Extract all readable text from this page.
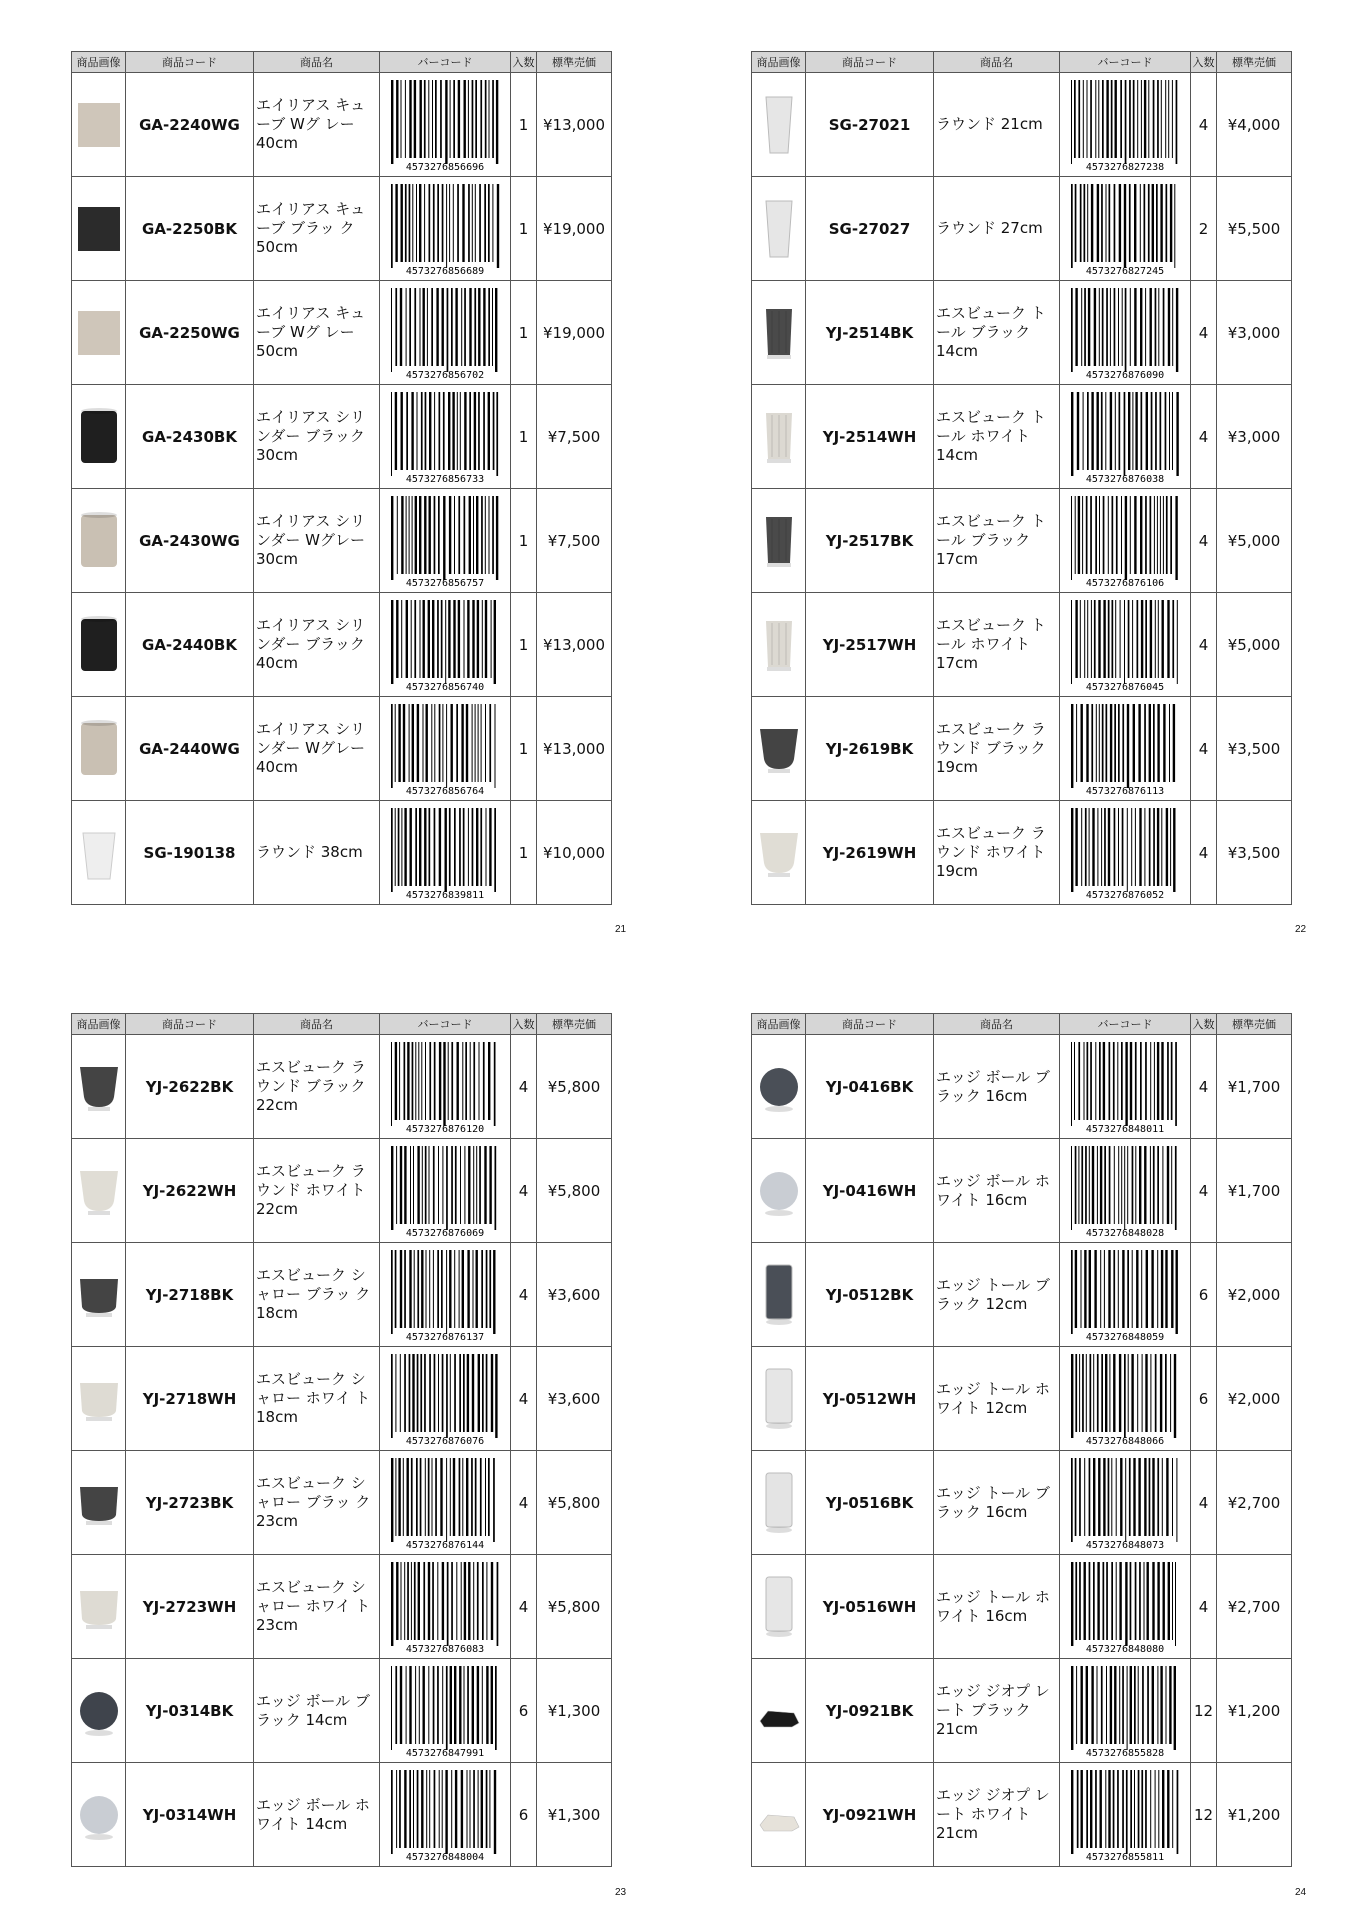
商品画像	商品コード	商品名	バーコード	入数	標準売価

	GA-2240WG	エイリアス キューブ Wグ レー 40cm	4573276856696	1	¥13,000

	GA-2250BK	エイリアス キューブ ブラッ ク 50cm	4573276856689	1	¥19,000

	GA-2250WG	エイリアス キューブ Wグ レー 50cm	4573276856702	1	¥19,000

	GA-2430BK	エイリアス シリ ンダー ブラック 30cm	4573276856733	1	¥7,500

	GA-2430WG	エイリアス シリ ンダー Wグレー 30cm	4573276856757	1	¥7,500

	GA-2440BK	エイリアス シリ ンダー ブラック 40cm	4573276856740	1	¥13,000

	GA-2440WG	エイリアス シリ ンダー Wグレー 40cm	4573276856764	1	¥13,000

	SG-190138	ラウンド 38cm	4573276839811	1	¥10,000
21
商品画像	商品コード	商品名	バーコード	入数	標準売価

	SG-27021	ラウンド 21cm	4573276827238	4	¥4,000

	SG-27027	ラウンド 27cm	4573276827245	2	¥5,500

	YJ-2514BK	エスビューク トール ブラック 14cm	4573276876090	4	¥3,000

	YJ-2514WH	エスビューク トール ホワイト 14cm	4573276876038	4	¥3,000

	YJ-2517BK	エスビューク トール ブラック 17cm	4573276876106	4	¥5,000

	YJ-2517WH	エスビューク トール ホワイト 17cm	4573276876045	4	¥5,000

	YJ-2619BK	エスビューク ラ ウンド ブラック 19cm	4573276876113	4	¥3,500

	YJ-2619WH	エスビューク ラ ウンド ホワイト 19cm	4573276876052	4	¥3,500
22
商品画像	商品コード	商品名	バーコード	入数	標準売価

	YJ-2622BK	エスビューク ラ ウンド ブラック 22cm	4573276876120	4	¥5,800

	YJ-2622WH	エスビューク ラ ウンド ホワイト 22cm	4573276876069	4	¥5,800

	YJ-2718BK	エスビューク シャロー ブラッ ク 18cm	4573276876137	4	¥3,600

	YJ-2718WH	エスビューク シャロー ホワイ ト 18cm	4573276876076	4	¥3,600

	YJ-2723BK	エスビューク シャロー ブラッ ク 23cm	4573276876144	4	¥5,800

	YJ-2723WH	エスビューク シャロー ホワイ ト 23cm	4573276876083	4	¥5,800

	YJ-0314BK	エッジ ボール ブ ラック 14cm	4573276847991	6	¥1,300

	YJ-0314WH	エッジ ボール ホ ワイト 14cm	4573276848004	6	¥1,300
23
商品画像	商品コード	商品名	バーコード	入数	標準売価

	YJ-0416BK	エッジ ボール ブ ラック 16cm	4573276848011	4	¥1,700

	YJ-0416WH	エッジ ボール ホ ワイト 16cm	4573276848028	4	¥1,700

	YJ-0512BK	エッジ トール ブ ラック 12cm	4573276848059	6	¥2,000

	YJ-0512WH	エッジ トール ホ ワイト 12cm	4573276848066	6	¥2,000

	YJ-0516BK	エッジ トール ブ ラック 16cm	4573276848073	4	¥2,700

	YJ-0516WH	エッジ トール ホ ワイト 16cm	4573276848080	4	¥2,700

	YJ-0921BK	エッジ ジオプ レート ブラック 21cm	4573276855828	12	¥1,200

	YJ-0921WH	エッジ ジオプ レート ホワイト 21cm	4573276855811	12	¥1,200
24
